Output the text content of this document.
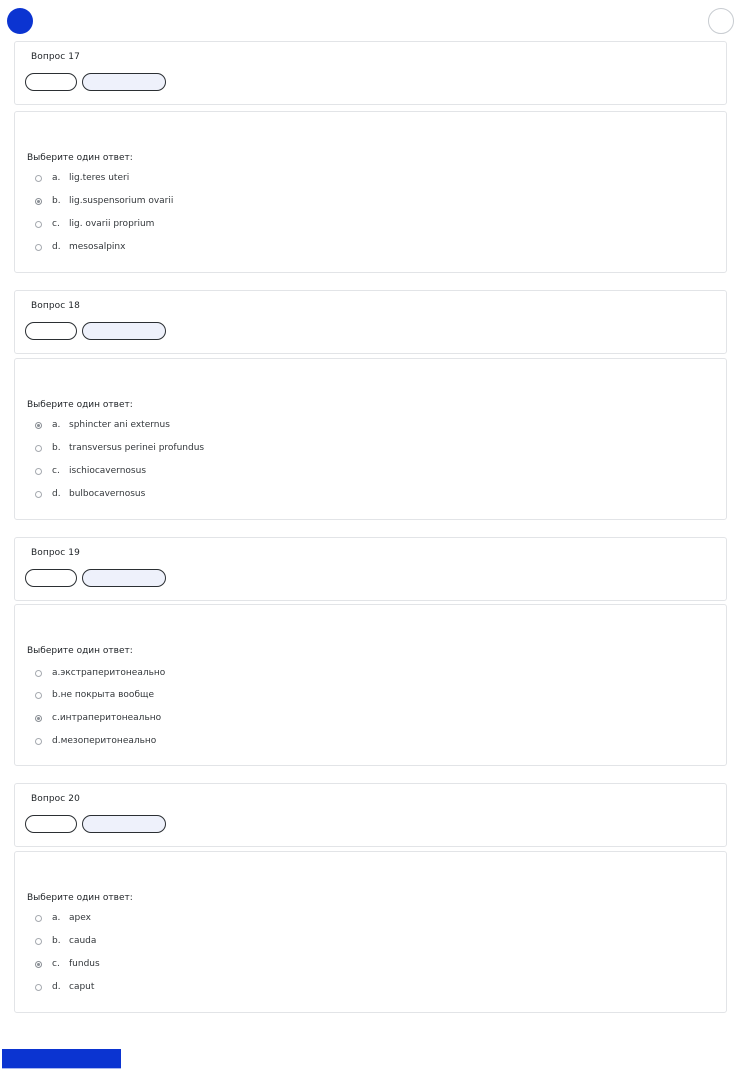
Вопрос 17
Выберите один ответ:
a. lig.teres uteri
b. lig.suspensorium ovarii
c.	lig. ovarii proprium
d. mesosalpinx
Вопрос 18
Выберите один ответ:
a. sphincter ani externus
b. transversus perinei profundus
c.	ischiocavernosus
d. bulbocavernosus
Вопрос 19
Выберите один ответ:
a. экстраперитонеально
b. не покрыта вообще
c. интраперитонеально
d. мезоперитонеально
Вопрос 20
Выберите один ответ:
a. apex
b. cauda
c.	fundus
d. caput
